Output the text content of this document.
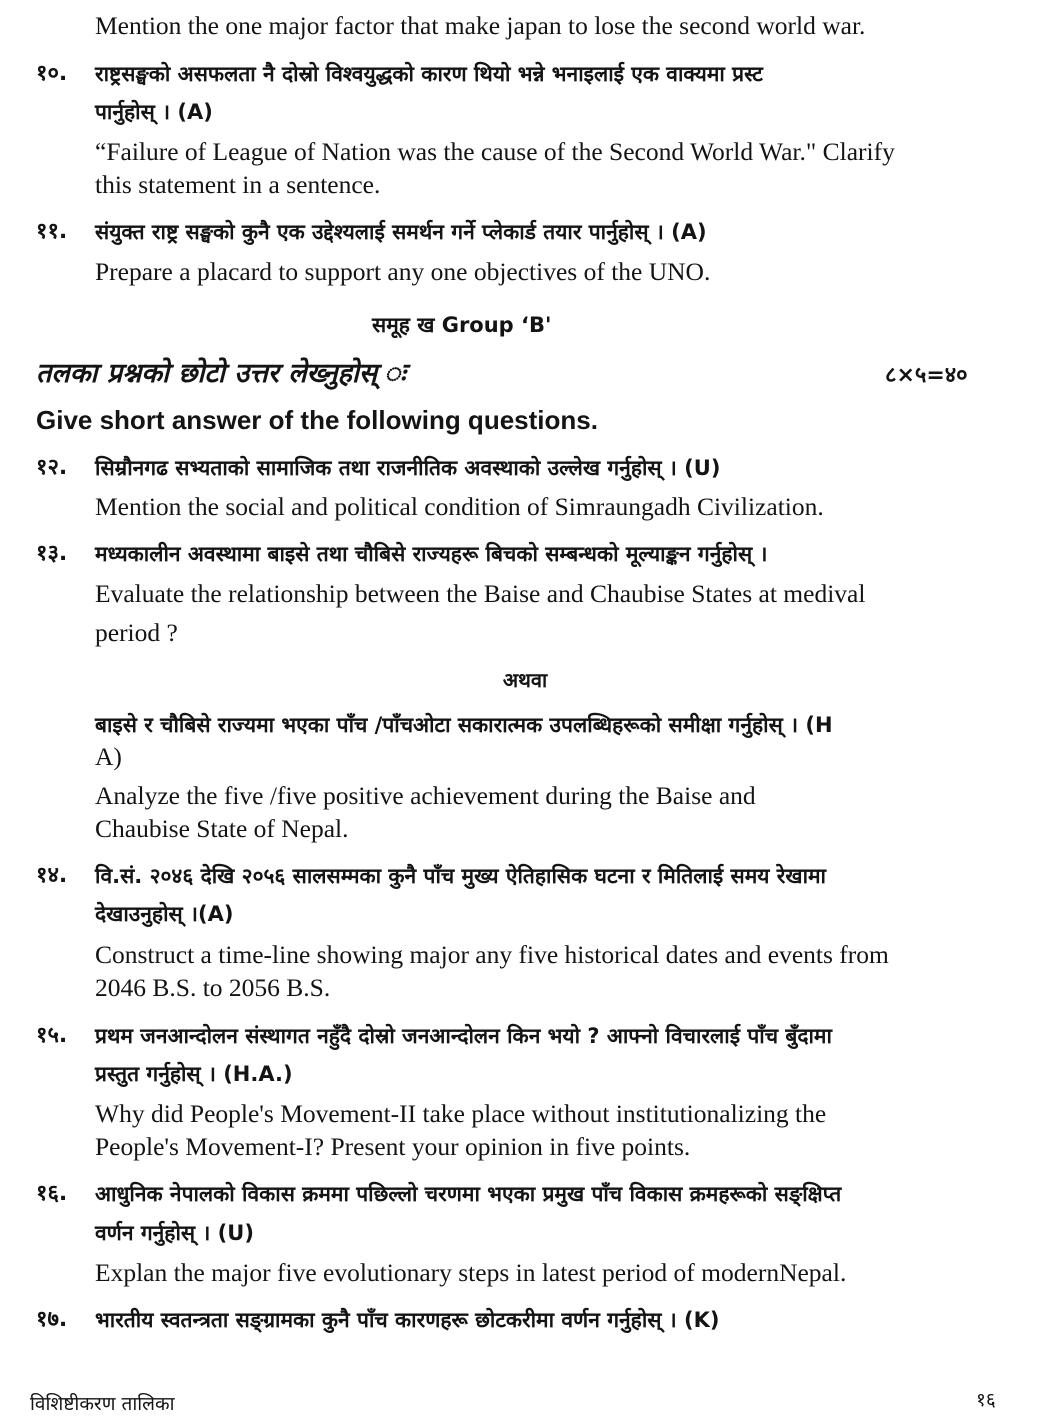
Mention the one major factor that make japan to lose the second world war.
१०. राष्ट्रसङ्घको असफलता नै दोस्रो विश्वयुद्धको कारण थियो भन्ने भनाइलाई एक वाक्यमा प्रस्ट
पार्नुहोस् । (A)
“Failure of League of Nation was the cause of the Second World War." Clarify
this statement in a sentence.
११. संयुक्त राष्ट्र सङ्घको कुनै एक उद्देश्यलाई समर्थन गर्ने प्लेकार्ड तयार पार्नुहोस् । (A)
Prepare a placard to support any one objectives of the UNO.
समूह ख Group ‘B'
तलका प्रश्नको छोटो उत्तर लेख्नुहोस् ः	८×५=४०
Give short answer of the following questions.
१२. सिम्रौनगढ सभ्यताको सामाजिक तथा राजनीतिक अवस्थाको उल्लेख गर्नुहोस् । (U)
Mention the social and political condition of Simraungadh Civilization.
१३. मध्यकालीन अवस्थामा बाइसे तथा चौबिसे राज्यहरू बिचको सम्बन्धको मूल्याङ्कन गर्नुहोस् ।
Evaluate the relationship between the Baise and Chaubise States at medival
period ?
अथवा
बाइसे र चौबिसे राज्यमा भएका पाँच /पाँचओटा सकारात्मक उपलब्धिहरूको समीक्षा गर्नुहोस् । (H
A)
Analyze the five /five positive achievement during the Baise and
Chaubise State of Nepal.
१४. वि.सं. २०४६ देखि २०५६ सालसम्मका कुनै पाँच मुख्य ऐतिहासिक घटना र मितिलाई समय रेखामा
देखाउनुहोस् ।(A)
Construct a time-line showing major any five historical dates and events from
2046 B.S. to 2056 B.S.
१५. प्रथम जनआन्दोलन संस्थागत नहुँदै दोस्रो जनआन्दोलन किन भयो ? आफ्नो विचारलाई पाँच बुँदामा
प्रस्तुत गर्नुहोस् । (H.A.)
Why did People's Movement-II take place without institutionalizing the
People's Movement-I? Present your opinion in five points.
१६. आधुनिक नेपालको विकास क्रममा पछिल्लो चरणमा भएका प्रमुख पाँच विकास क्रमहरूको सङ्क्षिप्त
वर्णन गर्नुहोस् । (U)
Explan the major five evolutionary steps in latest period of modernNepal.
१७. भारतीय स्वतन्त्रता सङ्ग्रामका कुनै पाँच कारणहरू छोटकरीमा वर्णन गर्नुहोस् । (K)
विशिष्टीकरण तालिका	१६
